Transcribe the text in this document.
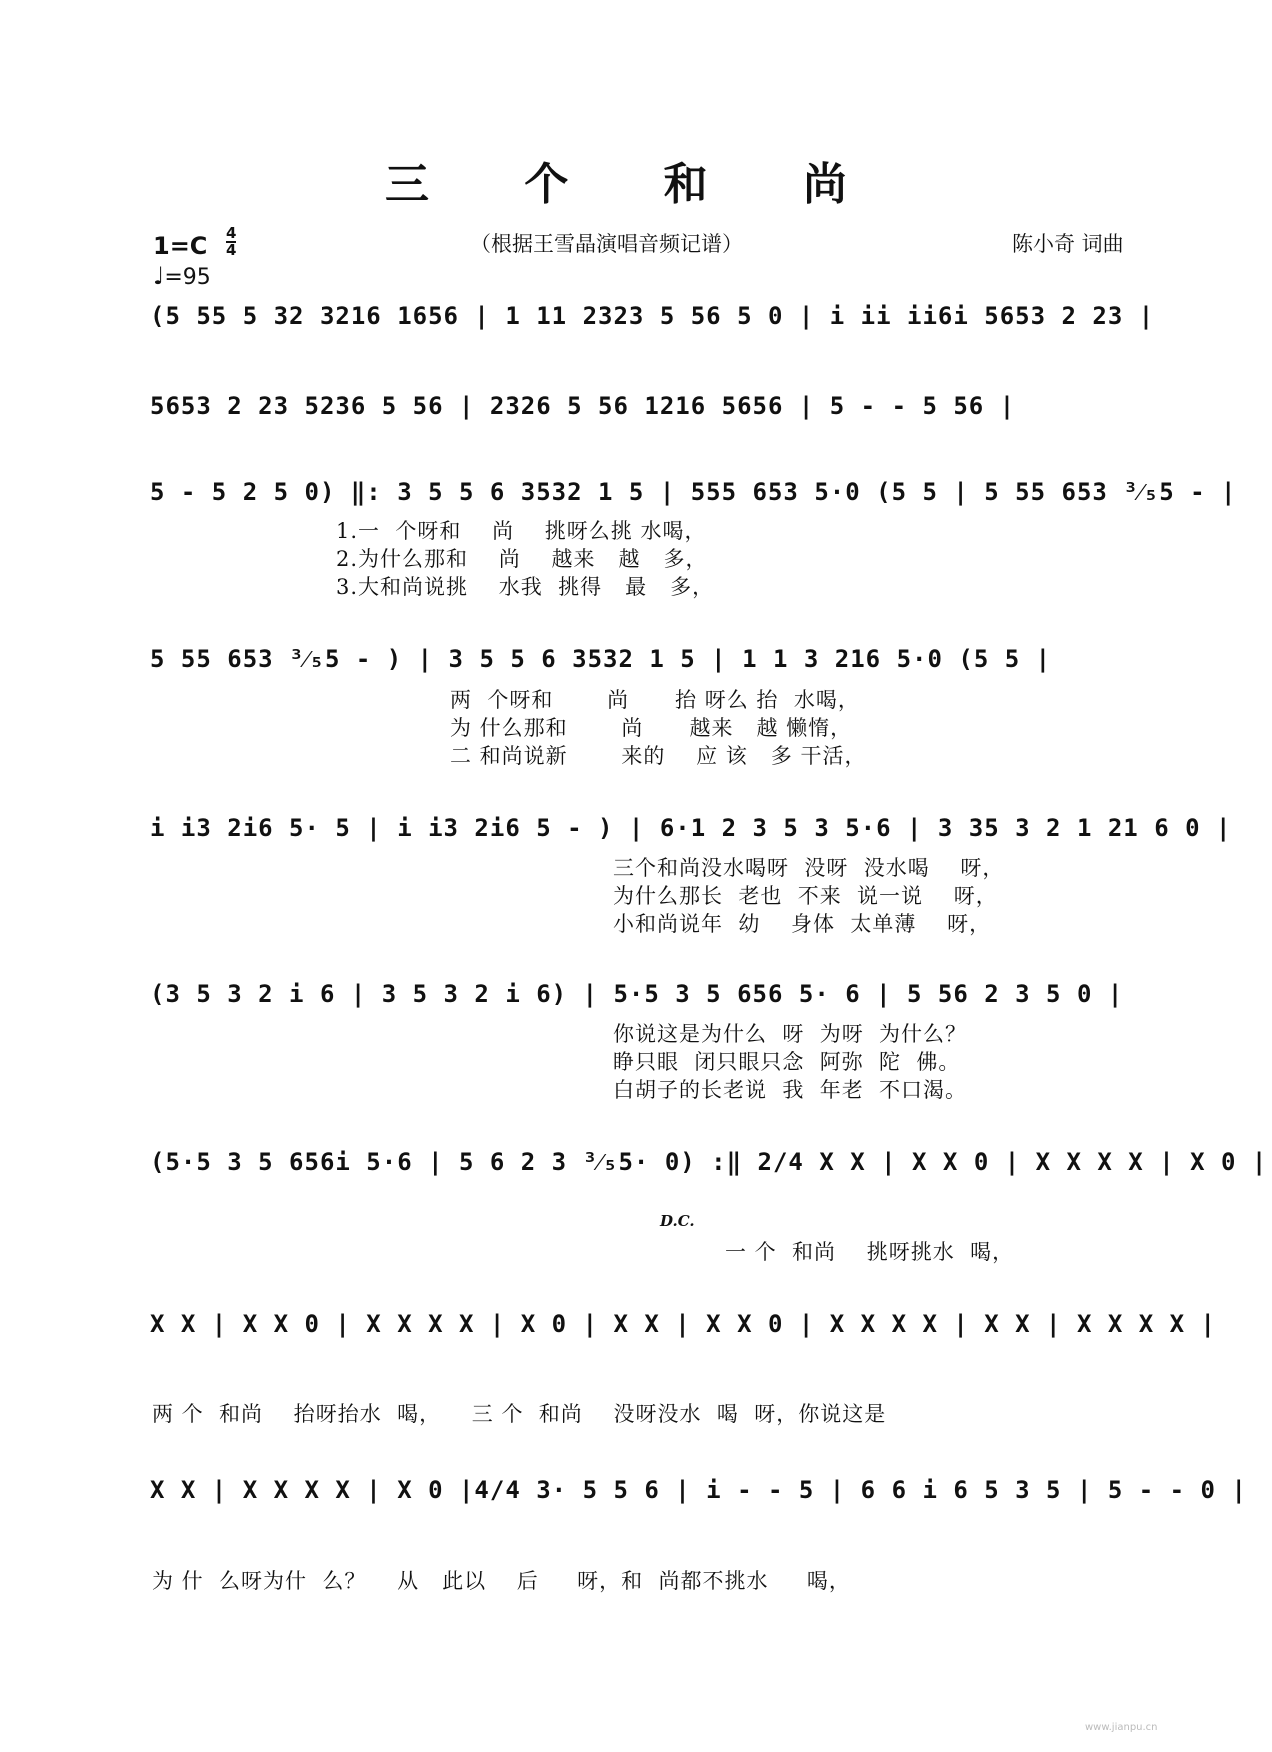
三 个 和 尚
（根据王雪晶演唱音频记谱）	陈小奇 词曲
1=C 4
4
♩=95
(5 55 5 32 3216 1656 | 1 11 2323 5 56 5 0 | i ii ii6i 5653 2 23 |
5653 2 23 5236 5 56 | 2326 5 56 1216 5656 | 5 - - 5 56 |
5 - 5 2 5 0) ‖: 3 5 5 6 3532 1 5 | 555 653 5·0 (5 5 | 5 55 653 ³⁄₅5 - |
1.一  个呀和    尚    挑呀么挑 水喝，
2.为什么那和    尚    越来   越   多，
3.大和尚说挑    水我  挑得   最   多，
5 55 653 ³⁄₅5 - ) | 3 5 5 6 3532 1 5 | 1 1 3 216 5·0 (5 5 |
两  个呀和       尚      抬 呀么 抬  水喝，
为 什么那和       尚      越来   越 懒惰，
二 和尚说新       来的    应 该   多 干活，
i i3 2i6 5· 5 | i i3 2i6 5 - ) | 6·1 2 3 5 3 5·6 | 3 35 3 2 1 21 6 0 |
三个和尚没水喝呀  没呀  没水喝    呀，
为什么那长  老也  不来  说一说    呀，
小和尚说年  幼    身体  太单薄    呀，
(3 5 3 2 i 6 | 3 5 3 2 i 6) | 5·5 3 5 656 5· 6 | 5 56 2 3 5 0 |
你说这是为什么  呀  为呀  为什么？
睁只眼  闭只眼只念  阿弥  陀  佛。
白胡子的长老说  我  年老  不口渴。
(5·5 3 5 656i 5·6 | 5 6 2 3 ³⁄₅5· 0) :‖ 2/4 X X | X X 0 | X X X X | X 0 |
D.C.
一 个  和尚    挑呀挑水  喝，
X X | X X 0 | X X X X | X 0 | X X | X X 0 | X X X X | X X | X X X X |
两 个  和尚    抬呀抬水  喝，    三 个  和尚    没呀没水  喝  呀，你说这是
X X | X X X X | X 0 |4/4 3· 5 5 6 | i - - 5 | 6 6 i 6 5 3 5 | 5 - - 0 |
为 什  么呀为什  么？    从   此以    后     呀，和  尚都不挑水     喝，
www.jianpu.cn
